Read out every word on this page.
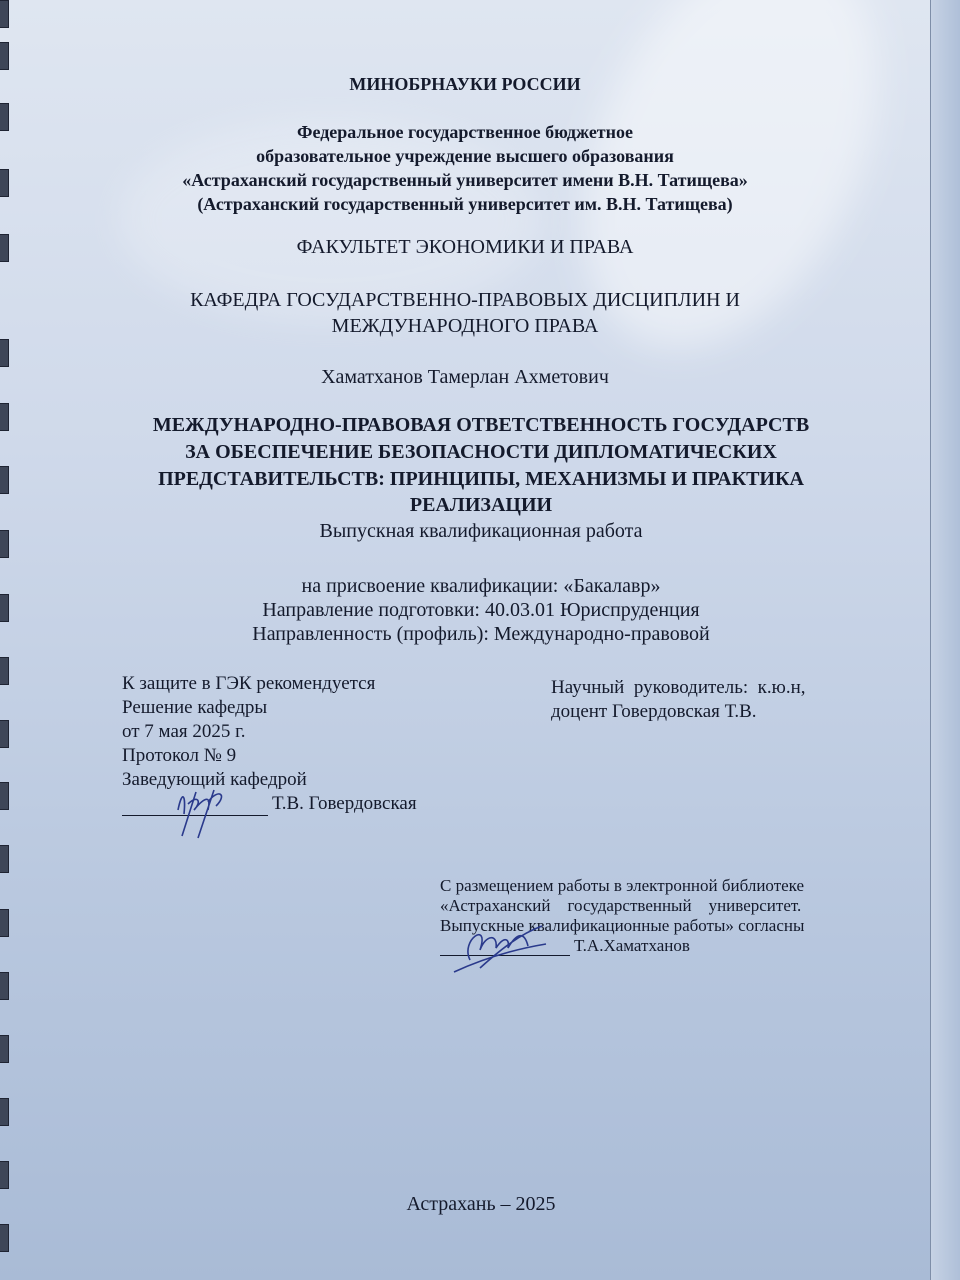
МИНОБРНАУКИ РОССИИ
Федеральное государственное бюджетное
образовательное учреждение высшего образования
«Астраханский государственный университет имени В.Н. Татищева»
(Астраханский государственный университет им. В.Н. Татищева)
ФАКУЛЬТЕТ ЭКОНОМИКИ И ПРАВА
КАФЕДРА ГОСУДАРСТВЕННО-ПРАВОВЫХ ДИСЦИПЛИН И
МЕЖДУНАРОДНОГО ПРАВА
Хаматханов Тамерлан Ахметович
МЕЖДУНАРОДНО-ПРАВОВАЯ ОТВЕТСТВЕННОСТЬ ГОСУДАРСТВ
ЗА ОБЕСПЕЧЕНИЕ БЕЗОПАСНОСТИ ДИПЛОМАТИЧЕСКИХ
ПРЕДСТАВИТЕЛЬСТВ: ПРИНЦИПЫ, МЕХАНИЗМЫ И ПРАКТИКА
РЕАЛИЗАЦИИ
Выпускная квалификационная работа
на присвоение квалификации: «Бакалавр»
Направление подготовки: 40.03.01 Юриспруденция
Направленность (профиль): Международно-правовой
К защите в ГЭК рекомендуется
Решение кафедры
от 7 мая 2025 г.
Протокол № 9
Заведующий кафедрой
Т.В. Говердовская
Научный  руководитель:  к.ю.н,
доцент Говердовская Т.В.
С размещением работы в электронной библиотеке
«Астраханский    государственный    университет.
Выпускные квалификационные работы» согласны
Т.А.Хаматханов
Астрахань – 2025
